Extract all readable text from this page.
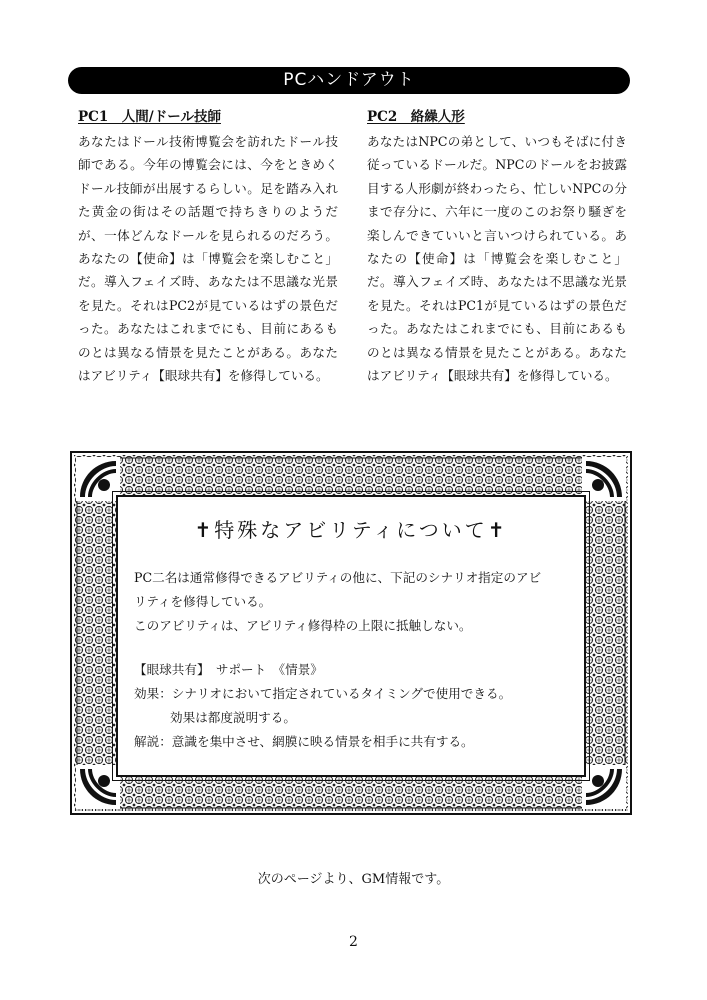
PCハンドアウト

PC1　人間/ドール技師

あなたはドール技術博覧会を訪れたドール技師である。今年の博覧会には、今をときめくドール技師が出展するらしい。足を踏み入れた黄金の街はその話題で持ちきりのようだが、一体どんなドールを見られるのだろう。あなたの【使命】は「博覧会を楽しむこと」だ。導入フェイズ時、あなたは不思議な光景を見た。それはPC2が見ているはずの景色だった。あなたはこれまでにも、目前にあるものとは異なる情景を見たことがある。あなたはアビリティ【眼球共有】を修得している。

PC2　絡繰人形

あなたはNPCの弟として、いつもそばに付き従っているドールだ。NPCのドールをお披露目する人形劇が終わったら、忙しいNPCの分まで存分に、六年に一度のこのお祭り騒ぎを楽しんできていいと言いつけられている。あなたの【使命】は「博覧会を楽しむこと」だ。導入フェイズ時、あなたは不思議な光景を見た。それはPC1が見ているはずの景色だった。あなたはこれまでにも、目前にあるものとは異なる情景を見たことがある。あなたはアビリティ【眼球共有】を修得している。

✝特殊なアビリティについて✝
PC二名は通常修得できるアビリティの他に、下記のシナリオ指定のアビ
リティを修得している。
このアビリティは、アビリティ修得枠の上限に抵触しない。
【眼球共有】　サポート　《情景》
効果：シナリオにおいて指定されているタイミングで使用できる。
効果は都度説明する。
解説：意識を集中させ、網膜に映る情景を相手に共有する。
次のページより、GM情報です。
2
